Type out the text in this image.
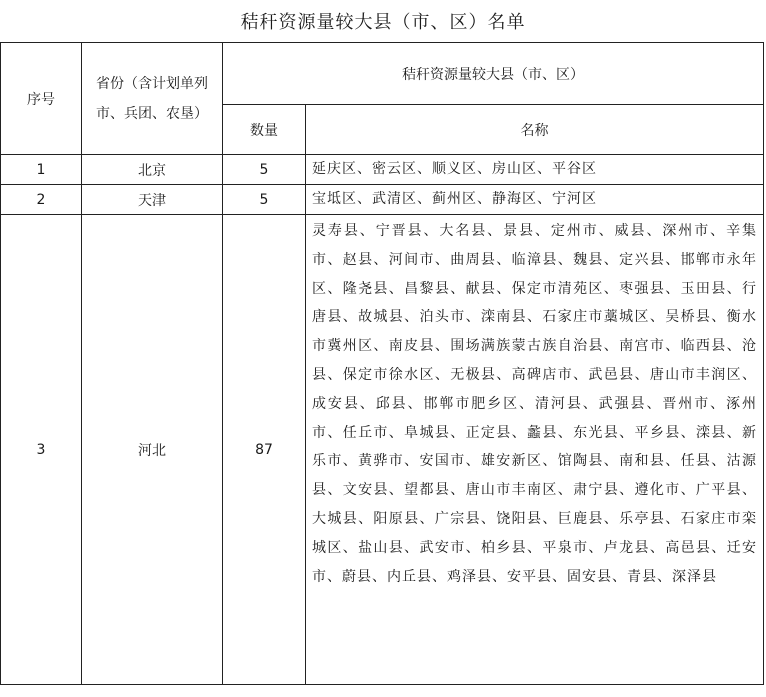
秸秆资源量较大县（市、区）名单
序号	省份（含计划单列市、兵团、农垦）	秸秆资源量较大县（市、区）	
		数量	名称
1	北京	5	延庆区、密云区、顺义区、房山区、平谷区
2	天津	5	宝坻区、武清区、蓟州区、静海区、宁河区
3	河北	87	灵寿县、宁晋县、大名县、景县、定州市、威县、深州市、辛集市、赵县、河间市、曲周县、临漳县、魏县、定兴县、邯郸市永年区、隆尧县、昌黎县、献县、保定市清苑区、枣强县、玉田县、行唐县、故城县、泊头市、滦南县、石家庄市藁城区、吴桥县、衡水市冀州区、南皮县、围场满族蒙古族自治县、南宫市、临西县、沧县、保定市徐水区、无极县、高碑店市、武邑县、唐山市丰润区、成安县、邱县、邯郸市肥乡区、清河县、武强县、晋州市、涿州市、任丘市、阜城县、正定县、蠡县、东光县、平乡县、滦县、新乐市、黄骅市、安国市、雄安新区、馆陶县、南和县、任县、沽源县、文安县、望都县、唐山市丰南区、肃宁县、遵化市、广平县、大城县、阳原县、广宗县、饶阳县、巨鹿县、乐亭县、石家庄市栾城区、盐山县、武安市、柏乡县、平泉市、卢龙县、高邑县、迁安市、蔚县、内丘县、鸡泽县、安平县、固安县、青县、深泽县
